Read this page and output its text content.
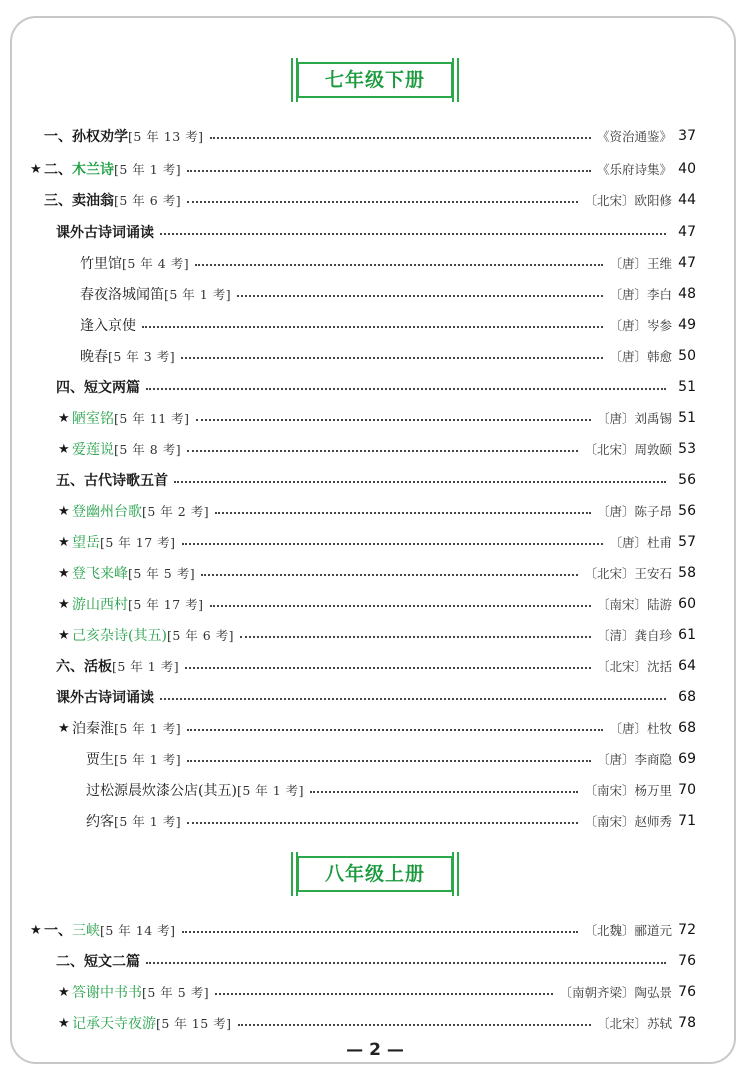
七年级下册
八年级上册
一、孙权劝学 [5 年 13 考]	《资治通鉴》 37
★ 二、木兰诗 [5 年 1 考]	《乐府诗集》 40
三、卖油翁 [5 年 6 考]	〔北宋〕欧阳修 44
课外古诗词诵读	47
竹里馆 [5 年 4 考]	〔唐〕王维 47
春夜洛城闻笛 [5 年 1 考]	〔唐〕李白 48
逢入京使	〔唐〕岑参 49
晚春 [5 年 3 考]	〔唐〕韩愈 50
四、短文两篇	51
★ 陋室铭 [5 年 11 考]	〔唐〕刘禹锡 51
★ 爱莲说 [5 年 8 考]	〔北宋〕周敦颐 53
五、古代诗歌五首	56
★ 登幽州台歌 [5 年 2 考]	〔唐〕陈子昂 56
★ 望岳 [5 年 17 考]	〔唐〕杜甫 57
★ 登飞来峰 [5 年 5 考]	〔北宋〕王安石 58
★ 游山西村 [5 年 17 考]	〔南宋〕陆游 60
★ 己亥杂诗(其五) [5 年 6 考]	〔清〕龚自珍 61
六、活板 [5 年 1 考]	〔北宋〕沈括 64
课外古诗词诵读	68
★ 泊秦淮 [5 年 1 考]	〔唐〕杜牧 68
贾生 [5 年 1 考]	〔唐〕李商隐 69
过松源晨炊漆公店(其五) [5 年 1 考]	〔南宋〕杨万里 70
约客 [5 年 1 考]	〔南宋〕赵师秀 71
★ 一、三峡 [5 年 14 考]	〔北魏〕郦道元 72
二、短文二篇	76
★ 答谢中书书 [5 年 5 考]	〔南朝齐梁〕陶弘景 76
★ 记承天寺夜游 [5 年 15 考]	〔北宋〕苏轼 78
— 2 —
